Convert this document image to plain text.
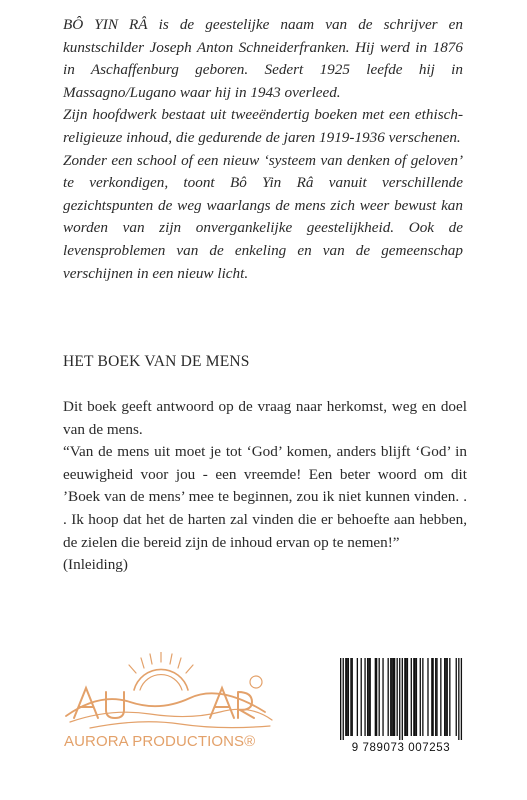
BÔ YIN RÂ is de geestelijke naam van de schrijver en kunstschilder Joseph Anton Schneiderfranken. Hij werd in 1876 in Aschaffenburg geboren. Sedert 1925 leefde hij in Massagno/Lugano waar hij in 1943 overleed.

Zijn hoofdwerk bestaat uit tweeëndertig boeken met een ethisch-religieuze inhoud, die gedurende de jaren 1919-1936 verschenen.

Zonder een school of een nieuw ‘systeem van denken of geloven’ te verkondigen, toont Bô Yin Râ vanuit verschillende gezichtspunten de weg waarlangs de mens zich weer bewust kan worden van zijn onvergankelijke geestelijkheid. Ook de levensproblemen van de enkeling en van de gemeenschap verschijnen in een nieuw licht.

HET BOEK VAN DE MENS

Dit boek geeft antwoord op de vraag naar herkomst, weg en doel van de mens.

“Van de mens uit moet je tot ‘God’ komen, anders blijft ‘God’ in eeuwigheid voor jou - een vreemde! Een beter woord om dit ’Boek van de mens’ mee te beginnen, zou ik niet kunnen vinden. . . Ik hoop dat het de harten zal vinden die er behoefte aan hebben, de zielen die bereid zijn de inhoud ervan op te nemen!”

(Inleiding)

AURORA PRODUCTIONS®	9 789073 007253
